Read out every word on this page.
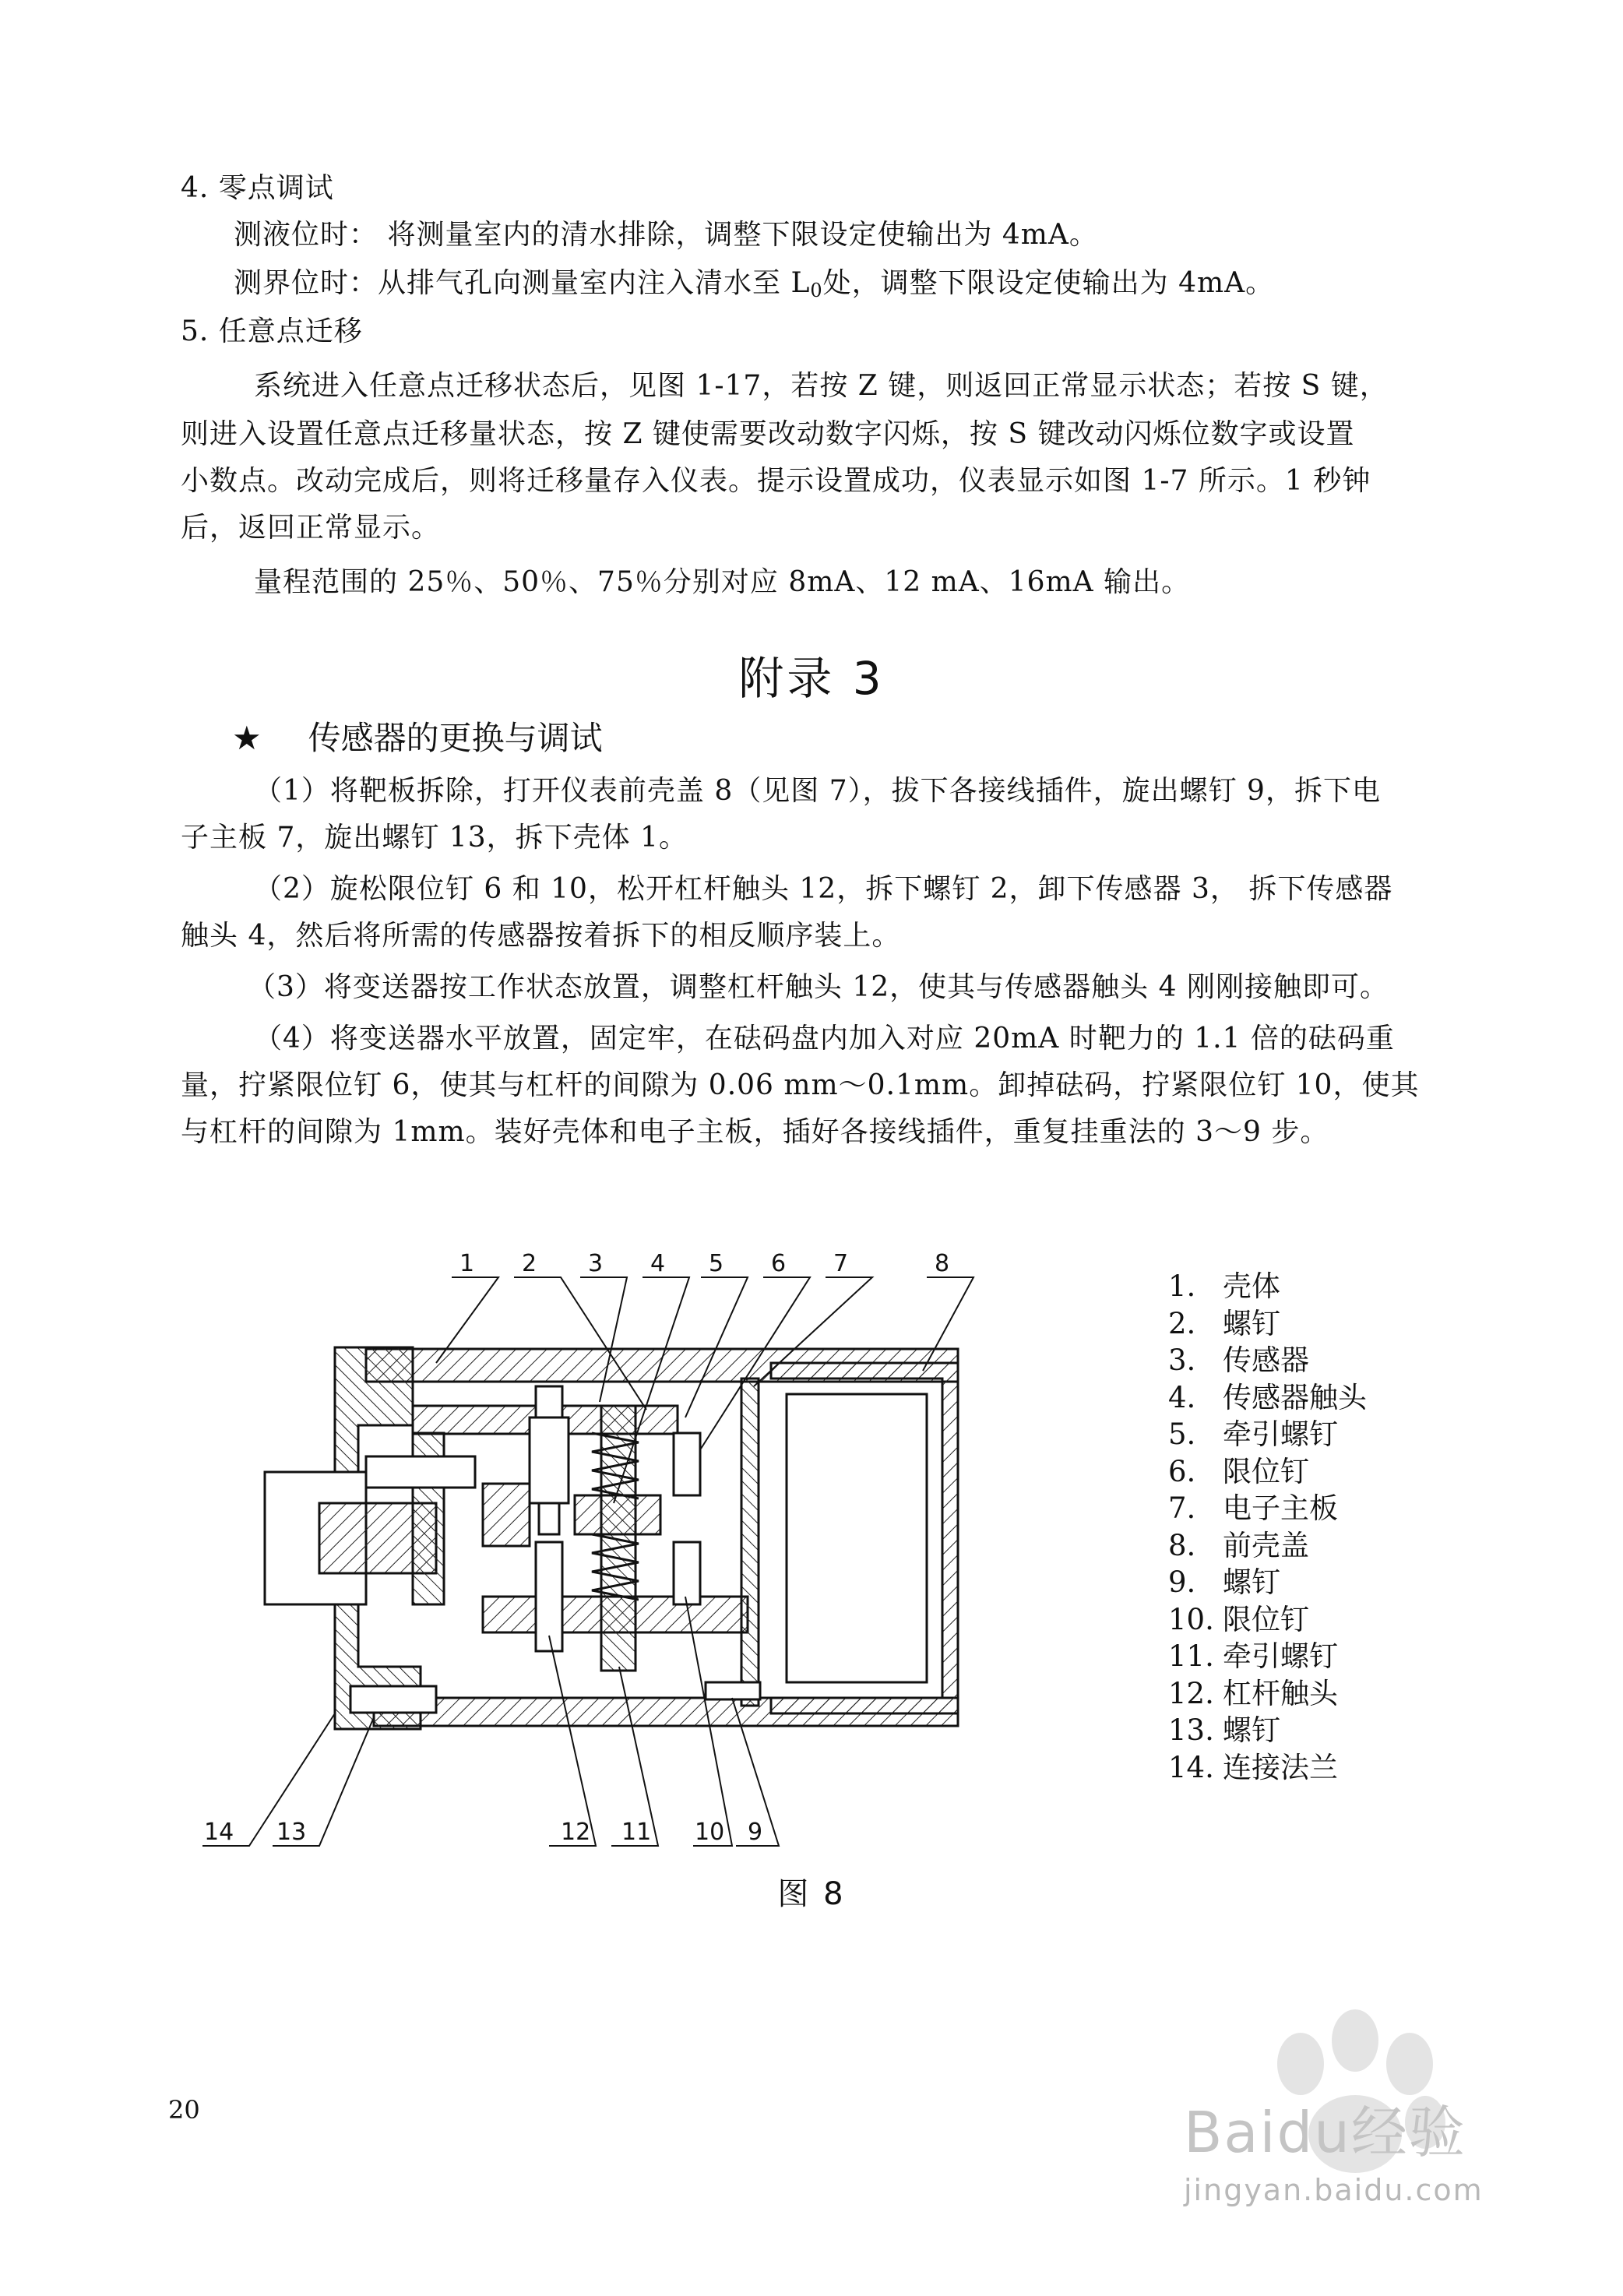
4. 零点调试
测液位时： 将测量室内的清水排除，调整下限设定使输出为 4mA。
测界位时：从排气孔向测量室内注入清水至 $L_0$处，调整下限设定使输出为 4mA。
5. 任意点迁移
系统进入任意点迁移状态后，见图 1-17，若按 Z 键，则返回正常显示状态；若按 S 键，
则进入设置任意点迁移量状态，按 Z 键使需要改动数字闪烁，按 S 键改动闪烁位数字或设置
小数点。改动完成后，则将迁移量存入仪表。提示设置成功，仪表显示如图 1-7 所示。1 秒钟
后，返回正常显示。
量程范围的 25％、50％、75％分别对应 8mA、12 mA、16mA 输出。
附录 3
★ 传感器的更换与调试
（1）将靶板拆除，打开仪表前壳盖 8（见图 7），拔下各接线插件，旋出螺钉 9，拆下电
子主板 7，旋出螺钉 13，拆下壳体 1。
（2）旋松限位钉 6 和 10，松开杠杆触头 12，拆下螺钉 2，卸下传感器 3， 拆下传感器
触头 4，然后将所需的传感器按着拆下的相反顺序装上。
（3）将变送器按工作状态放置，调整杠杆触头 12，使其与传感器触头 4 刚刚接触即可。
（4）将变送器水平放置，固定牢，在砝码盘内加入对应 20mA 时靶力的 1.1 倍的砝码重
量，拧紧限位钉 6，使其与杠杆的间隙为 0.06 mm～0.1mm。卸掉砝码，拧紧限位钉 10，使其
与杠杆的间隙为 1mm。装好壳体和电子主板，插好各接线插件，重复挂重法的 3～9 步。
1 2 3 4 5 6 7	8
14 13	12 11 10 9
1. 壳体
2. 螺钉
3. 传感器
4. 传感器触头
5. 牵引螺钉
6. 限位钉
7. 电子主板
8. 前壳盖
9. 螺钉
10. 限位钉
11. 牵引螺钉
12. 杠杆触头
13. 螺钉
14. 连接法兰
图 8
20	Baidu经验
jingyan.baidu.com
